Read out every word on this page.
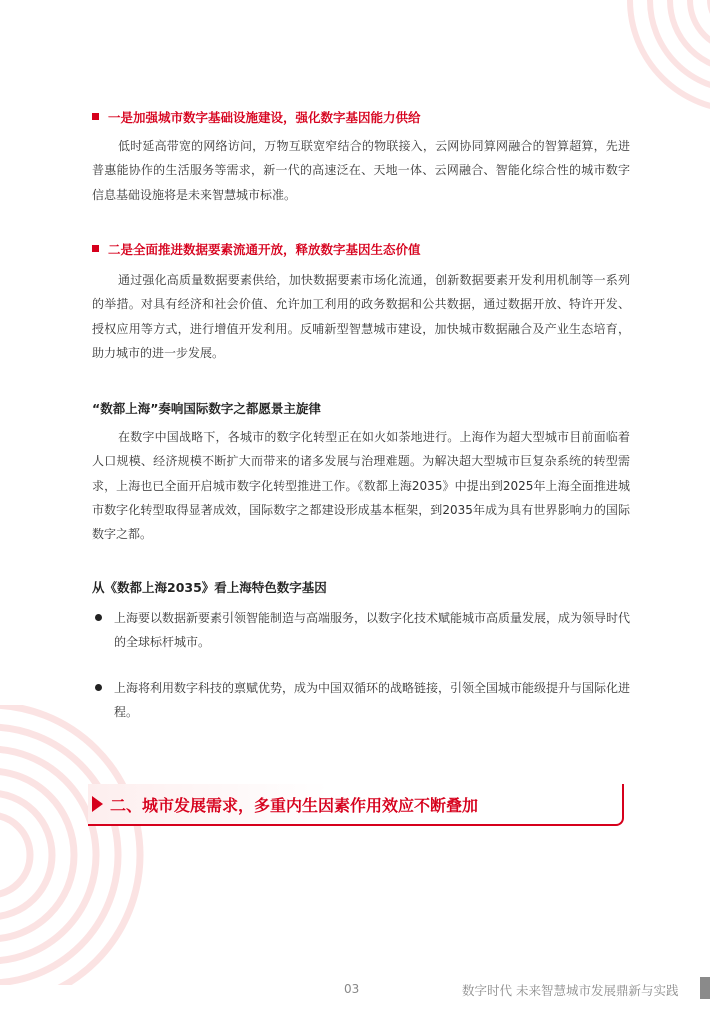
一是加强城市数字基础设施建设，强化数字基因能力供给
低时延高带宽的网络访问，万物互联宽窄结合的物联接入，云网协同算网融合的智算超算，先进普惠能协作的生活服务等需求，新一代的高速泛在、天地一体、云网融合、智能化综合性的城市数字信息基础设施将是未来智慧城市标准。
二是全面推进数据要素流通开放，释放数字基因生态价值
通过强化高质量数据要素供给，加快数据要素市场化流通，创新数据要素开发利用机制等一系列的举措。对具有经济和社会价值、允许加工利用的政务数据和公共数据，通过数据开放、特许开发、授权应用等方式，进行增值开发利用。反哺新型智慧城市建设，加快城市数据融合及产业生态培育，助力城市的进一步发展。
“数都上海”奏响国际数字之都愿景主旋律
在数字中国战略下，各城市的数字化转型正在如火如荼地进行。上海作为超大型城市目前面临着人口规模、经济规模不断扩大而带来的诸多发展与治理难题。为解决超大型城市巨复杂系统的转型需求，上海也已全面开启城市数字化转型推进工作。《数都上海2035》中提出到2025年上海全面推进城市数字化转型取得显著成效，国际数字之都建设形成基本框架，到2035年成为具有世界影响力的国际数字之都。
从《数都上海2035》看上海特色数字基因
上海要以数据新要素引领智能制造与高端服务，以数字化技术赋能城市高质量发展，成为领导时代的全球标杆城市。
上海将利用数字科技的禀赋优势，成为中国双循环的战略链接，引领全国城市能级提升与国际化进程。
二、城市发展需求，多重内生因素作用效应不断叠加
03	数字时代 未来智慧城市发展鼎新与实践
